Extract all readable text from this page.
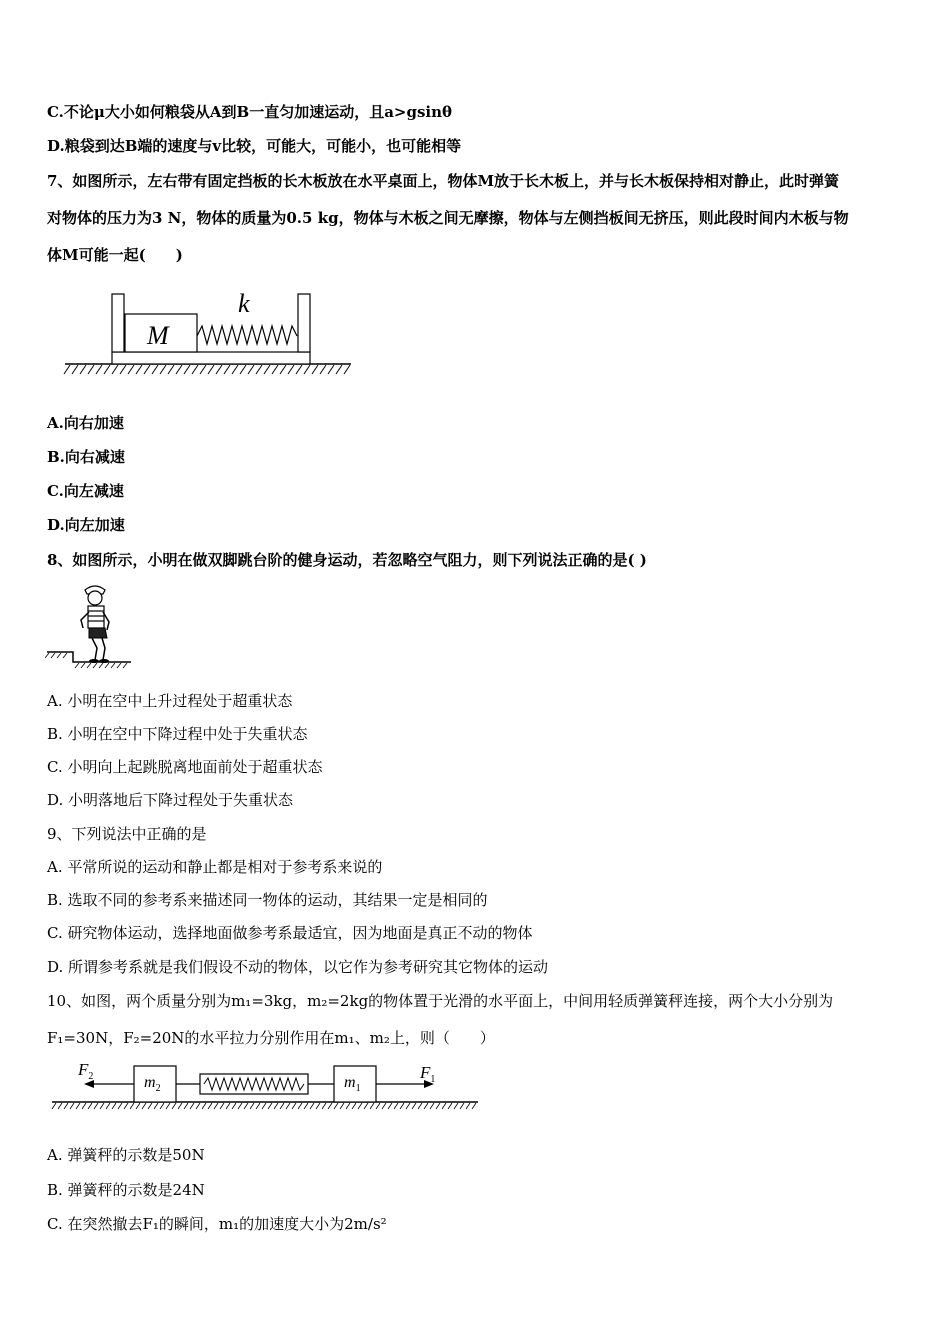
C.不论μ大小如何粮袋从A到B一直匀加速运动，且a>gsinθ
D.粮袋到达B端的速度与v比较，可能大，可能小，也可能相等
7、如图所示，左右带有固定挡板的长木板放在水平桌面上，物体M放于长木板上，并与长木板保持相对静止，此时弹簧
对物体的压力为3 N，物体的质量为0.5 kg，物体与木板之间无摩擦，物体与左侧挡板间无挤压，则此段时间内木板与物
体M可能一起(　　)
M
k
A.向右加速
B.向右减速
C.向左减速
D.向左加速
8、如图所示，小明在做双脚跳台阶的健身运动，若忽略空气阻力，则下列说法正确的是( )
A. 小明在空中上升过程处于超重状态
B. 小明在空中下降过程中处于失重状态
C. 小明向上起跳脱离地面前处于超重状态
D. 小明落地后下降过程处于失重状态
9、下列说法中正确的是
A. 平常所说的运动和静止都是相对于参考系来说的
B. 选取不同的参考系来描述同一物体的运动，其结果一定是相同的
C. 研究物体运动，选择地面做参考系最适宜，因为地面是真正不动的物体
D. 所谓参考系就是我们假设不动的物体，以它作为参考研究其它物体的运动
10、如图，两个质量分别为m₁=3kg，m₂=2kg的物体置于光滑的水平面上，中间用轻质弹簧秤连接，两个大小分别为
F₁=30N，F₂=20N的水平拉力分别作用在m₁、m₂上，则（　　）
$F_2$	$m_2$	$m_1$
$F_1$
A. 弹簧秤的示数是50N
B. 弹簧秤的示数是24N
C. 在突然撤去F₁的瞬间，m₁的加速度大小为2m/s²
